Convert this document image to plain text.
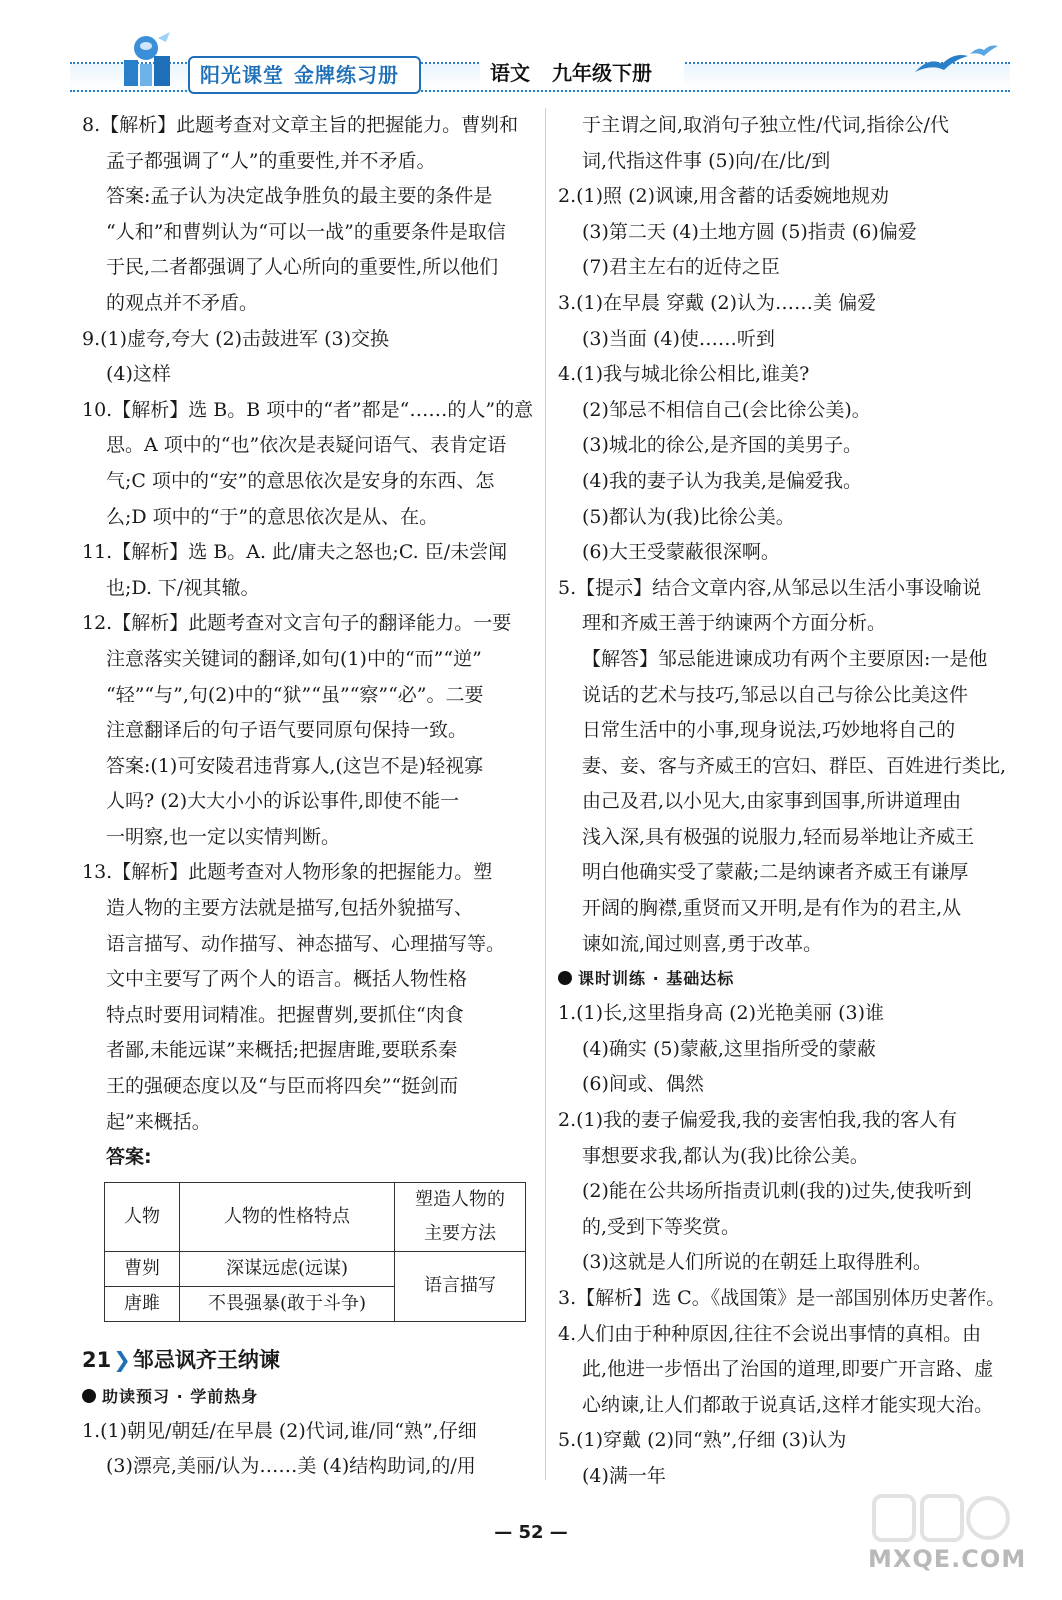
阳光课堂 金牌练习册	语文 九年级下册

8.【解析】此题考查对文章主旨的把握能力。曹刿和

孟子都强调了“人”的重要性,并不矛盾。

答案:孟子认为决定战争胜负的最主要的条件是

“人和”和曹刿认为“可以一战”的重要条件是取信

于民,二者都强调了人心所向的重要性,所以他们

的观点并不矛盾。

9.(1)虚夸,夸大 (2)击鼓进军 (3)交换

(4)这样

10.【解析】选 B。B 项中的“者”都是“……的人”的意

思。A 项中的“也”依次是表疑问语气、表肯定语

气;C 项中的“安”的意思依次是安身的东西、怎

么;D 项中的“于”的意思依次是从、在。

11.【解析】选 B。A. 此/庸夫之怒也;C. 臣/未尝闻

也;D. 下/视其辙。

12.【解析】此题考查对文言句子的翻译能力。一要

注意落实关键词的翻译,如句(1)中的“而”“逆”

“轻”“与”,句(2)中的“狱”“虽”“察”“必”。二要

注意翻译后的句子语气要同原句保持一致。

答案:(1)可安陵君违背寡人,(这岂不是)轻视寡

人吗? (2)大大小小的诉讼事件,即使不能一

一明察,也一定以实情判断。

13.【解析】此题考查对人物形象的把握能力。塑

造人物的主要方法就是描写,包括外貌描写、

语言描写、动作描写、神态描写、心理描写等。

文中主要写了两个人的语言。概括人物性格

特点时要用词精准。把握曹刿,要抓住“肉食

者鄙,未能远谋”来概括;把握唐雎,要联系秦

王的强硬态度以及“与臣而将四矣”“挺剑而

起”来概括。

答案:

人物	人物的性格特点	塑造人物的
主要方法

曹刿	深谋远虑(远谋)	语言描写
唐雎	不畏强暴(敢于斗争)	
21❯邹忌讽齐王纳谏
助读预习 · 学前热身

1.(1)朝见/朝廷/在早晨 (2)代词,谁/同“熟”,仔细

(3)漂亮,美丽/认为……美 (4)结构助词,的/用

于主谓之间,取消句子独立性/代词,指徐公/代

词,代指这件事 (5)向/在/比/到

2.(1)照 (2)讽谏,用含蓄的话委婉地规劝

(3)第二天 (4)土地方圆 (5)指责 (6)偏爱

(7)君主左右的近侍之臣

3.(1)在早晨 穿戴 (2)认为……美 偏爱

(3)当面 (4)使……听到

4.(1)我与城北徐公相比,谁美?

(2)邹忌不相信自己(会比徐公美)。

(3)城北的徐公,是齐国的美男子。

(4)我的妻子认为我美,是偏爱我。

(5)都认为(我)比徐公美。

(6)大王受蒙蔽很深啊。

5.【提示】结合文章内容,从邹忌以生活小事设喻说

理和齐威王善于纳谏两个方面分析。

【解答】邹忌能进谏成功有两个主要原因:一是他

说话的艺术与技巧,邹忌以自己与徐公比美这件

日常生活中的小事,现身说法,巧妙地将自己的

妻、妾、客与齐威王的宫妇、群臣、百姓进行类比,

由己及君,以小见大,由家事到国事,所讲道理由

浅入深,具有极强的说服力,轻而易举地让齐威王

明白他确实受了蒙蔽;二是纳谏者齐威王有谦厚

开阔的胸襟,重贤而又开明,是有作为的君主,从

谏如流,闻过则喜,勇于改革。

课时训练 · 基础达标

1.(1)长,这里指身高 (2)光艳美丽 (3)谁

(4)确实 (5)蒙蔽,这里指所受的蒙蔽

(6)间或、偶然

2.(1)我的妻子偏爱我,我的妾害怕我,我的客人有

事想要求我,都认为(我)比徐公美。

(2)能在公共场所指责讥刺(我的)过失,使我听到

的,受到下等奖赏。

(3)这就是人们所说的在朝廷上取得胜利。

3.【解析】选 C。《战国策》是一部国别体历史著作。

4.人们由于种种原因,往往不会说出事情的真相。由

此,他进一步悟出了治国的道理,即要广开言路、虚

心纳谏,让人们都敢于说真话,这样才能实现大治。

5.(1)穿戴 (2)同“熟”,仔细 (3)认为

(4)满一年

— 52 —
MXQE.COM
